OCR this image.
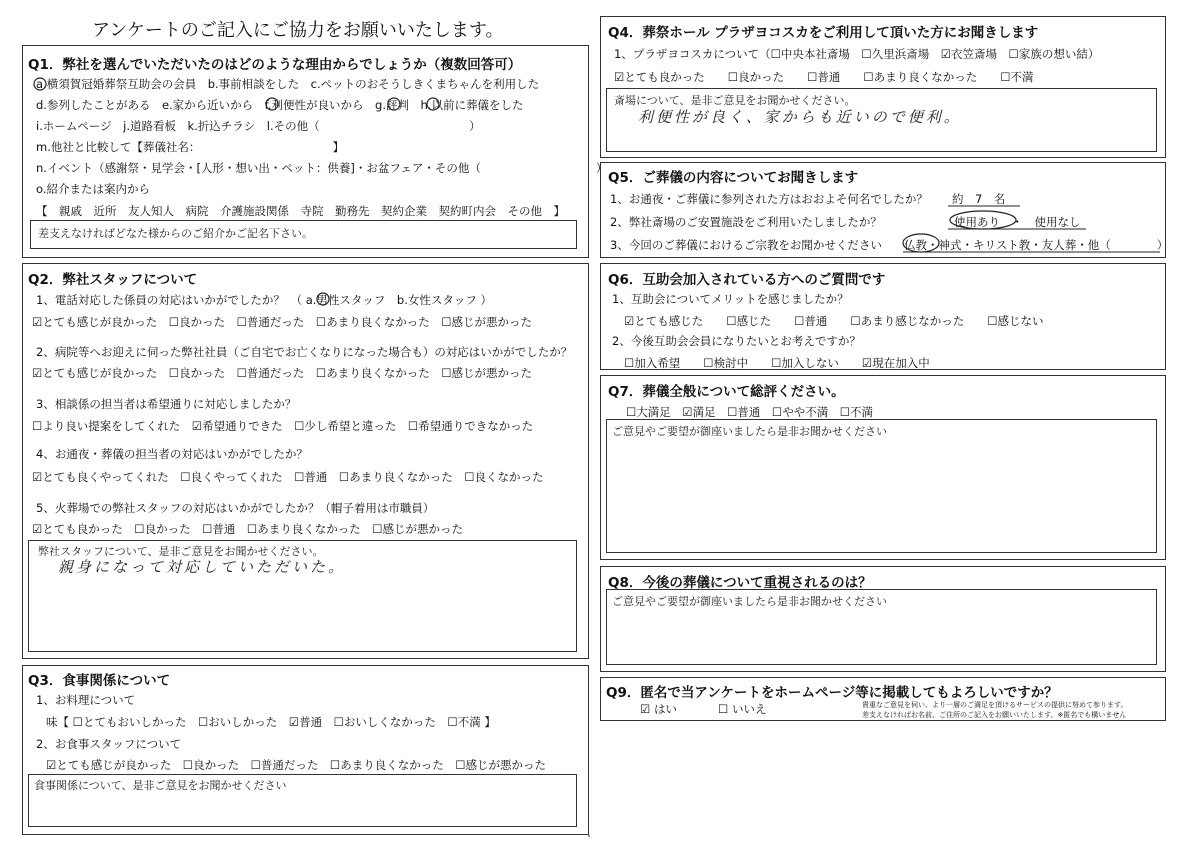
アンケートのご記入にご協力をお願いいたします。
Q1．弊社を選んでいただいたのはどのような理由からでしょうか（複数回答可）
a.横須賀冠婚葬祭互助会の会員　b.事前相談をした　c.ペットのおそうしきくまちゃんを利用した
d.参列したことがある　e.家から近いから　f.利便性が良いから　g.評判　h.以前に葬儀をした
i.ホームページ　j.道路看板　k.折込チラシ　l.その他（　　　　　　　　　　　　　）
m.他社と比較して【葬儀社名：　　　　　　　　　　　　】
n.イベント（感謝祭・見学会・[人形・想い出・ペット：供養]・お盆フェア・その他（　　　　　　　　　　）
o.紹介または案内から
【　親戚　近所　友人知人　病院　介護施設関係　寺院　勤務先　契約企業　契約町内会　その他　】
差支えなければどなた様からのご紹介かご記名下さい。
Q2．弊社スタッフについて
1、電話対応した係員の対応はいかがでしたか？　（ a.男性スタッフ　b.女性スタッフ ）
☑とても感じが良かった　☐良かった　☐普通だった　☐あまり良くなかった　☐感じが悪かった
2、病院等へお迎えに伺った弊社社員（ご自宅でお亡くなりになった場合も）の対応はいかがでしたか？
☑とても感じが良かった　☐良かった　☐普通だった　☐あまり良くなかった　☐感じが悪かった
3、相談係の担当者は希望通りに対応しましたか？
☐より良い提案をしてくれた　☑希望通りできた　☐少し希望と違った　☐希望通りできなかった
4、お通夜・葬儀の担当者の対応はいかがでしたか？
☑とても良くやってくれた　☐良くやってくれた　☐普通　☐あまり良くなかった　☐良くなかった
5、火葬場での弊社スタッフの対応はいかがでしたか？（帽子着用は市職員）
☑とても良かった　☐良かった　☐普通　☐あまり良くなかった　☐感じが悪かった
弊社スタッフについて、是非ご意見をお聞かせください。
親身になって対応していただいた。
Q3．食事関係について
1、お料理について
味【 ☐とてもおいしかった　☐おいしかった　☑普通　☐おいしくなかった　☐不満 】
2、お食事スタッフについて
☑とても感じが良かった　☐良かった　☐普通だった　☐あまり良くなかった　☐感じが悪かった
食事関係について、是非ご意見をお聞かせください
Q4．葬祭ホール プラザヨコスカをご利用して頂いた方にお聞きします
1、プラザヨコスカについて（☐中央本社斎場　☐久里浜斎場　☑衣笠斎場　☐家族の想い結）
☑とても良かった　　☐良かった　　☐普通　　☐あまり良くなかった　　☐不満
斎場について、是非ご意見をお聞かせください。
利便性が良く、家からも近いので便利。
Q5．ご葬儀の内容についてお聞きします
1、お通夜・ご葬儀に参列された方はおおよそ何名でしたか？ 約　7　名
2、弊社斎場のご安置施設をご利用いたしましたか？	使用あり　・　使用なし
3、今回のご葬儀におけるご宗教をお聞かせください 仏教・神式・キリスト教・友人葬・他（　　　　）
Q6．互助会加入されている方へのご質問です
1、互助会についてメリットを感じましたか？
☑とても感じた　　☐感じた　　☐普通　　☐あまり感じなかった　　☐感じない
2、今後互助会会員になりたいとお考えですか？
☐加入希望　　☐検討中　　☐加入しない　　☑現在加入中
Q7．葬儀全般について総評ください。
☐大満足　☑満足　☐普通　☐やや不満　☐不満
ご意見やご要望が御座いましたら是非お聞かせください
Q8．今後の葬儀について重視されるのは？
ご意見やご要望が御座いましたら是非お聞かせください
Q9．匿名で当アンケートをホームページ等に掲載してもよろしいですか？
☑ はい	☐ いいえ	貴重なご意見を伺い、より一層のご満足を頂けるサービスの提供に努めて参ります。
差支えなければお名前、ご住所のご記入をお願いいたします。※匿名でも構いません
